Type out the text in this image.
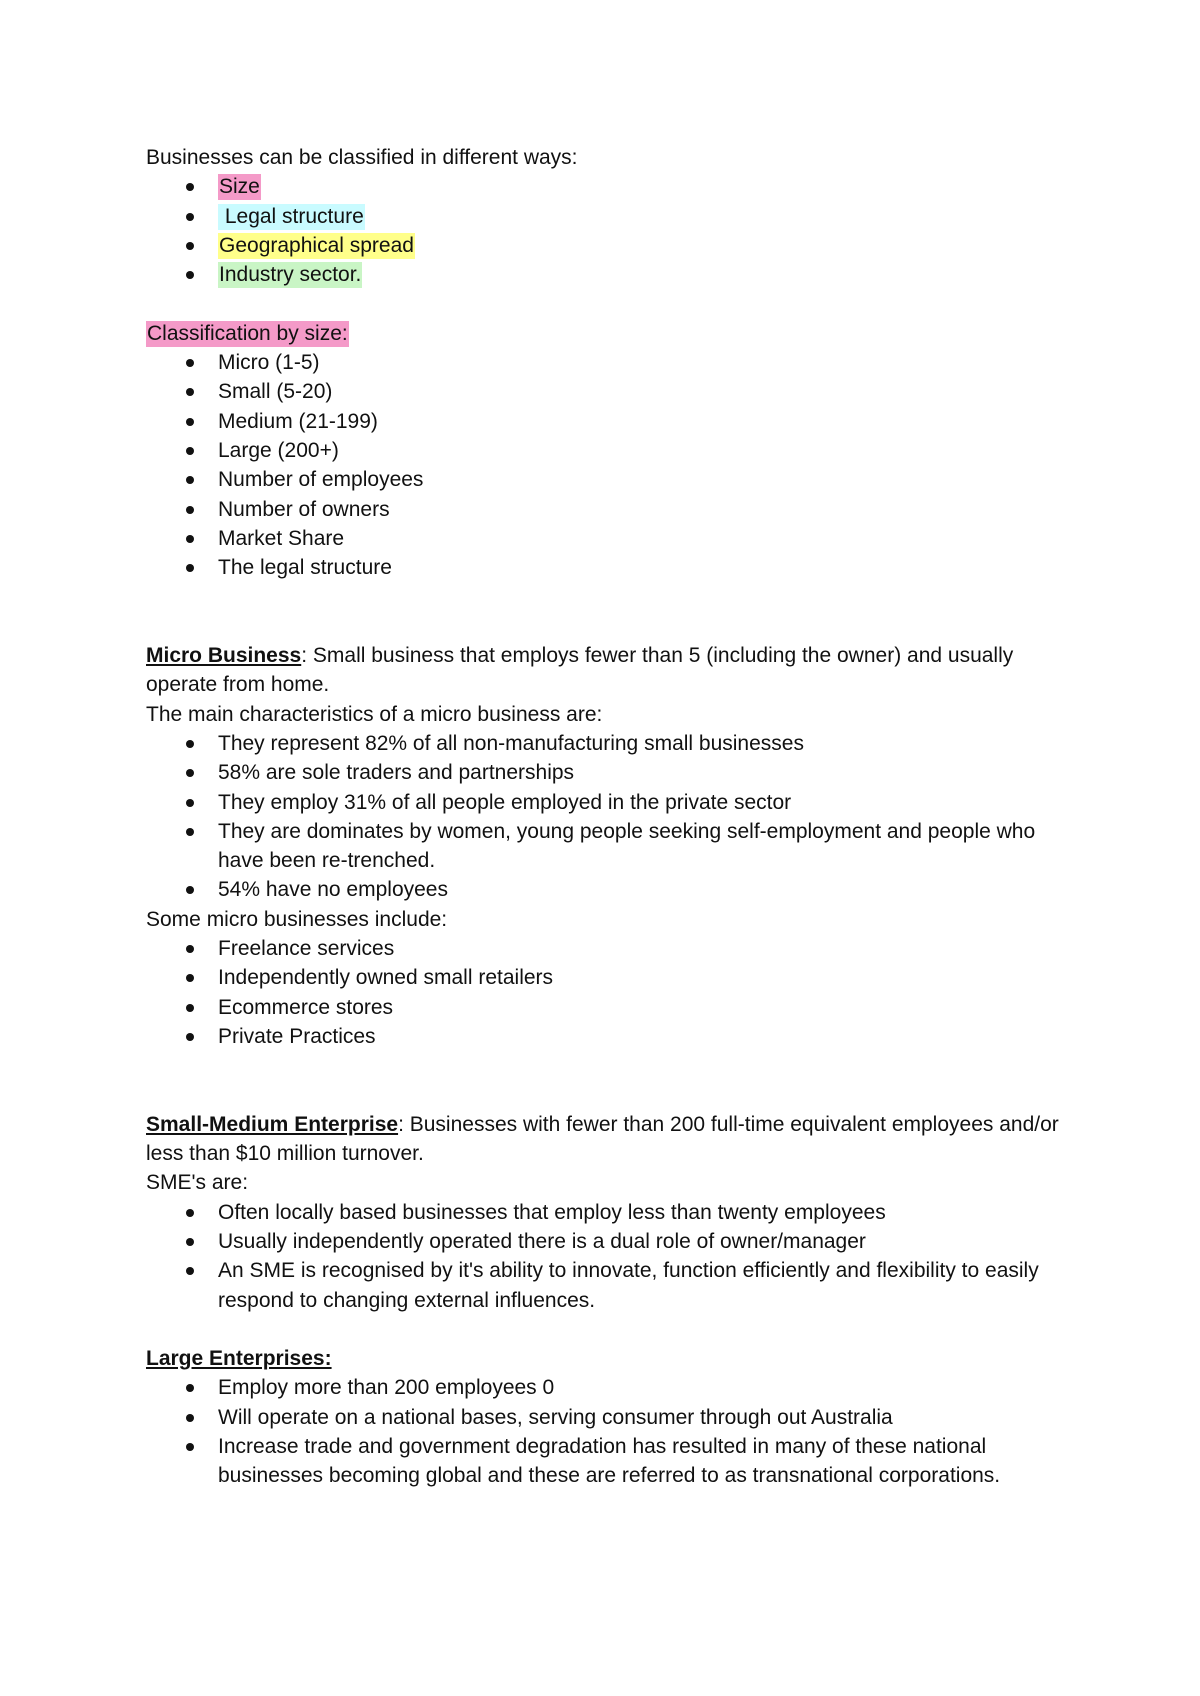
Businesses can be classified in different ways:

Size
Legal structure
Geographical spread
Industry sector.

Classification by size:

Micro (1-5)
Small (5-20)
Medium (21-199)
Large (200+)
Number of employees
Number of owners
Market Share
The legal structure

Micro Business: Small business that employs fewer than 5 (including the owner) and usually operate from home.

The main characteristics of a micro business are:

They represent 82% of all non-manufacturing small businesses
58% are sole traders and partnerships
They employ 31% of all people employed in the private sector
They are dominates by women, young people seeking self-employment and people who have been re-trenched.
54% have no employees

Some micro businesses include:

Freelance services
Independently owned small retailers
Ecommerce stores
Private Practices

Small-Medium Enterprise: Businesses with fewer than 200 full-time equivalent employees and/or less than $10 million turnover.

SME's are:

Often locally based businesses that employ less than twenty employees
Usually independently operated there is a dual role of owner/manager
An SME is recognised by it's ability to innovate, function efficiently and flexibility to easily respond to changing external influences.

Large Enterprises:

Employ more than 200 employees 0
Will operate on a national bases, serving consumer through out Australia
Increase trade and government degradation has resulted in many of these national businesses becoming global and these are referred to as transnational corporations.
